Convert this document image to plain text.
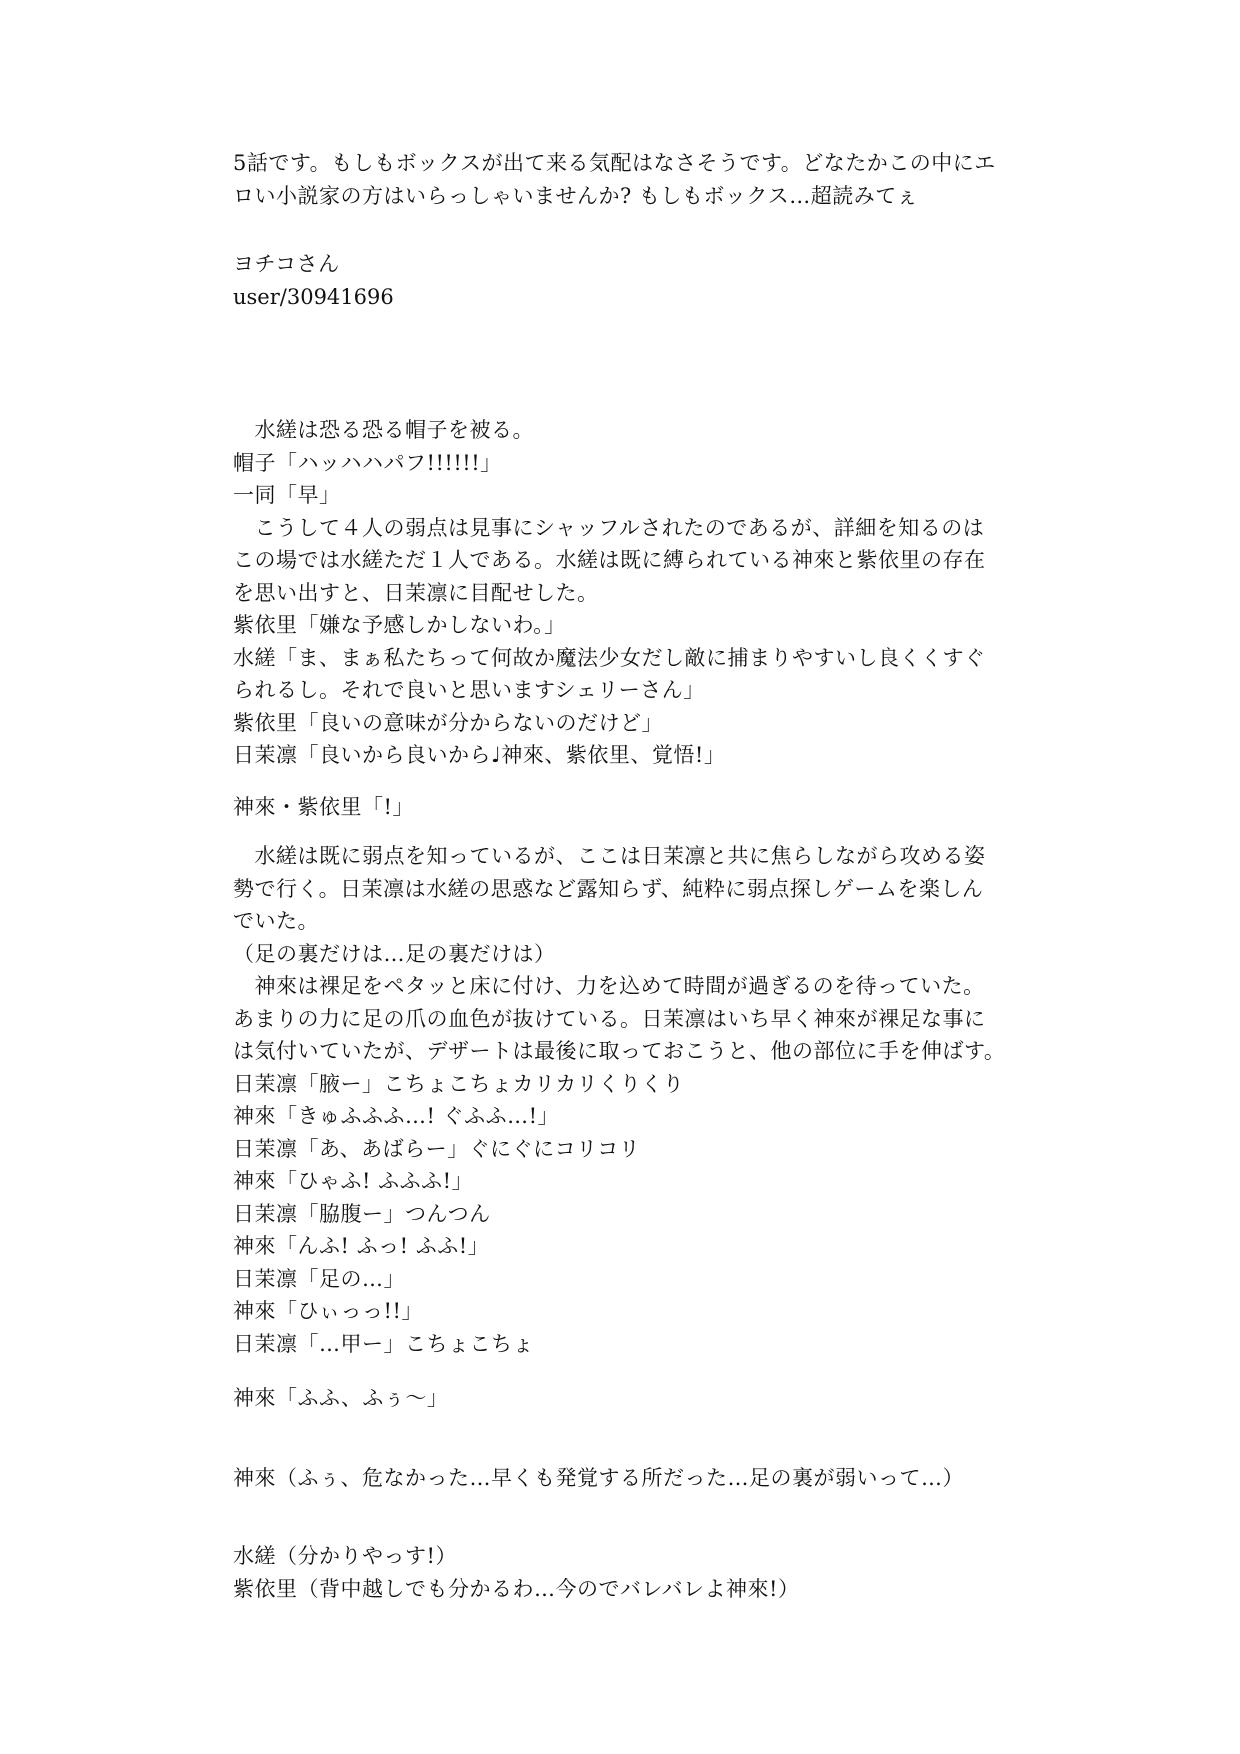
5話です。もしもボックスが出て来る気配はなさそうです。どなたかこの中にエ
ロい小説家の方はいらっしゃいませんか? もしもボックス…超読みてぇ
ヨチコさん
user/30941696
　水縒は恐る恐る帽子を被る。
帽子「ハッハハパフ!!!!!!」
一同「早」
　こうして４人の弱点は見事にシャッフルされたのであるが、詳細を知るのは
この場では水縒ただ１人である。水縒は既に縛られている神來と紫依里の存在
を思い出すと、日茉凛に目配せした。
紫依里「嫌な予感しかしないわ。」
水縒「ま、まぁ私たちって何故か魔法少女だし敵に捕まりやすいし良くくすぐ
られるし。それで良いと思いますシェリーさん」
紫依里「良いの意味が分からないのだけど」
日茉凛「良いから良いから♩神來、紫依里、覚悟!」
神來・紫依里「!」
　水縒は既に弱点を知っているが、ここは日茉凛と共に焦らしながら攻める姿
勢で行く。日茉凛は水縒の思惑など露知らず、純粋に弱点探しゲームを楽しん
でいた。
（足の裏だけは…足の裏だけは）
　神來は裸足をペタッと床に付け、力を込めて時間が過ぎるのを待っていた。
あまりの力に足の爪の血色が抜けている。日茉凛はいち早く神來が裸足な事に
は気付いていたが、デザートは最後に取っておこうと、他の部位に手を伸ばす。
日茉凛「腋ー」こちょこちょカリカリくりくり
神來「きゅふふふ…! ぐふふ…!」
日茉凛「あ、あばらー」ぐにぐにコリコリ
神來「ひゃふ! ふふふ!」
日茉凛「脇腹ー」つんつん
神來「んふ! ふっ! ふふ!」
日茉凛「足の…」
神來「ひぃっっ!!」
日茉凛「…甲ー」こちょこちょ
神來「ふふ、ふぅ〜」
神來（ふぅ、危なかった…早くも発覚する所だった…足の裏が弱いって…）
水縒（分かりやっす!）
紫依里（背中越しでも分かるわ…今のでバレバレよ神來!）
